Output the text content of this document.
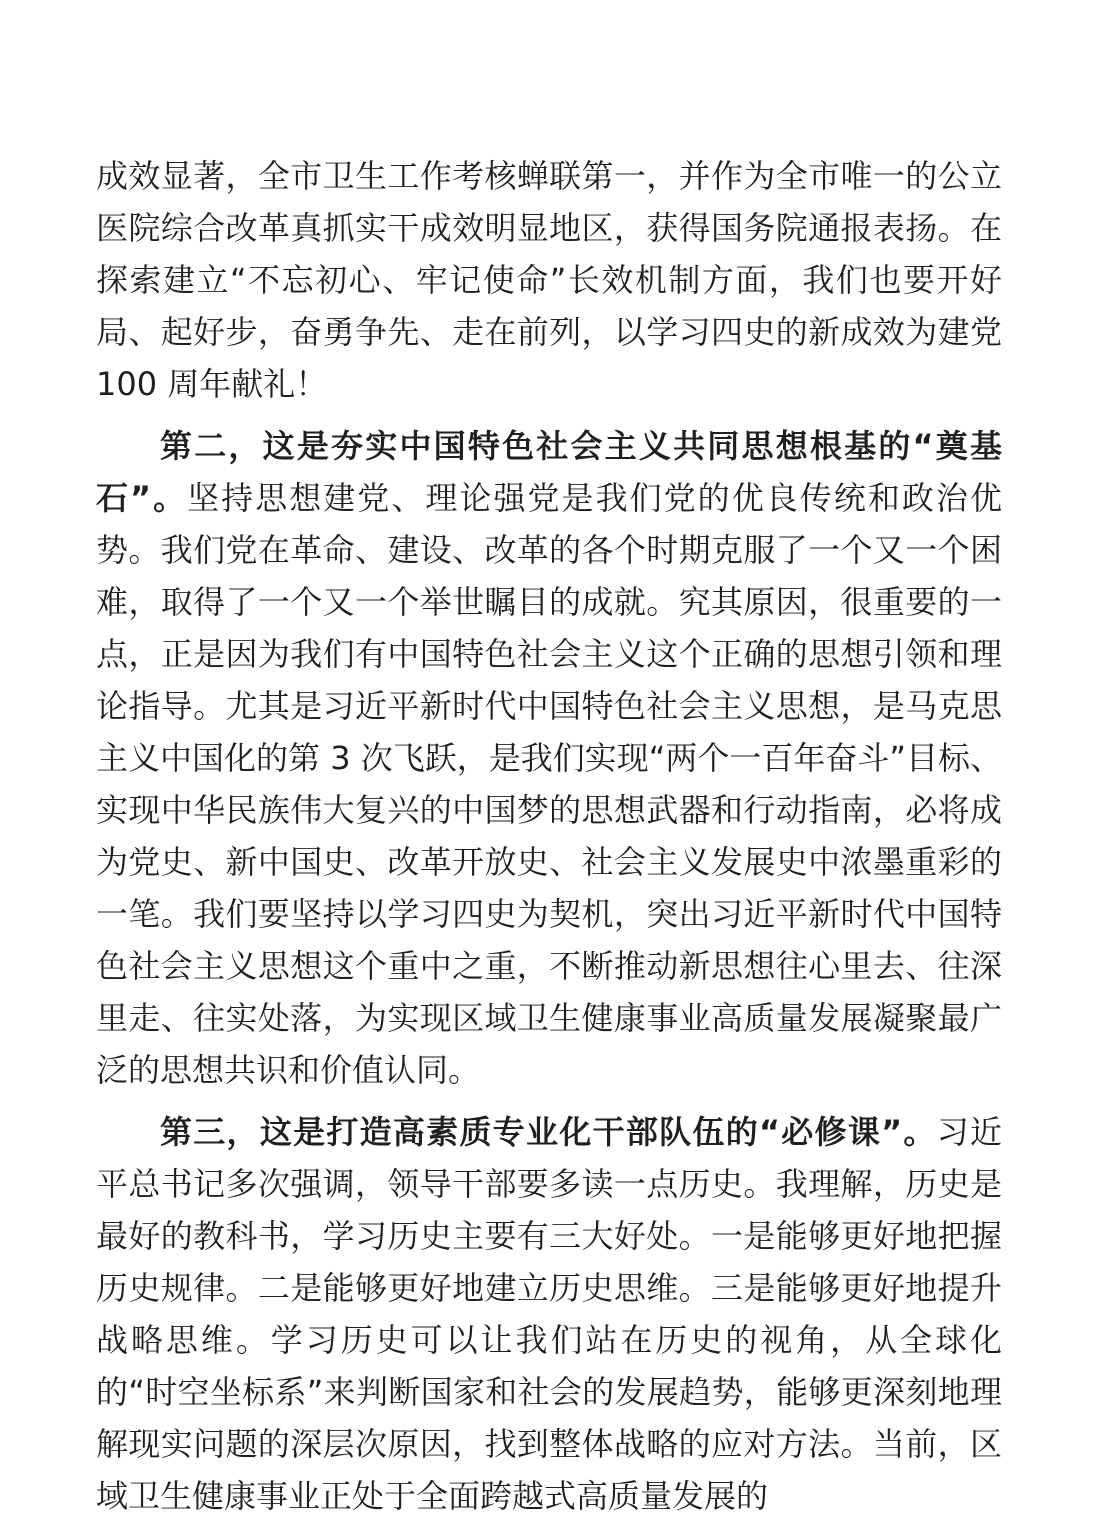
成效显著，全市卫生工作考核蝉联第一，并作为全市唯一的公立医院综合改革真抓实干成效明显地区，获得国务院通报表扬。在探索建立“不忘初心、牢记使命”长效机制方面，我们也要开好局、起好步，奋勇争先、走在前列，以学习四史的新成效为建党 100 周年献礼！

第二，这是夯实中国特色社会主义共同思想根基的“奠基石”。坚持思想建党、理论强党是我们党的优良传统和政治优势。我们党在革命、建设、改革的各个时期克服了一个又一个困难，取得了一个又一个举世瞩目的成就。究其原因，很重要的一点，正是因为我们有中国特色社会主义这个正确的思想引领和理论指导。尤其是习近平新时代中国特色社会主义思想，是马克思主义中国化的第 3 次飞跃，是我们实现“两个一百年奋斗”目标、实现中华民族伟大复兴的中国梦的思想武器和行动指南，必将成为党史、新中国史、改革开放史、社会主义发展史中浓墨重彩的一笔。我们要坚持以学习四史为契机，突出习近平新时代中国特色社会主义思想这个重中之重，不断推动新思想往心里去、往深里走、往实处落，为实现区域卫生健康事业高质量发展凝聚最广泛的思想共识和价值认同。

第三，这是打造高素质专业化干部队伍的“必修课”。习近平总书记多次强调，领导干部要多读一点历史。我理解，历史是最好的教科书，学习历史主要有三大好处。一是能够更好地把握历史规律。二是能够更好地建立历史思维。三是能够更好地提升战略思维。学习历史可以让我们站在历史的视角，从全球化的“时空坐标系”来判断国家和社会的发展趋势，能够更深刻地理解现实问题的深层次原因，找到整体战略的应对方法。当前，区域卫生健康事业正处于全面跨越式高质量发展的
